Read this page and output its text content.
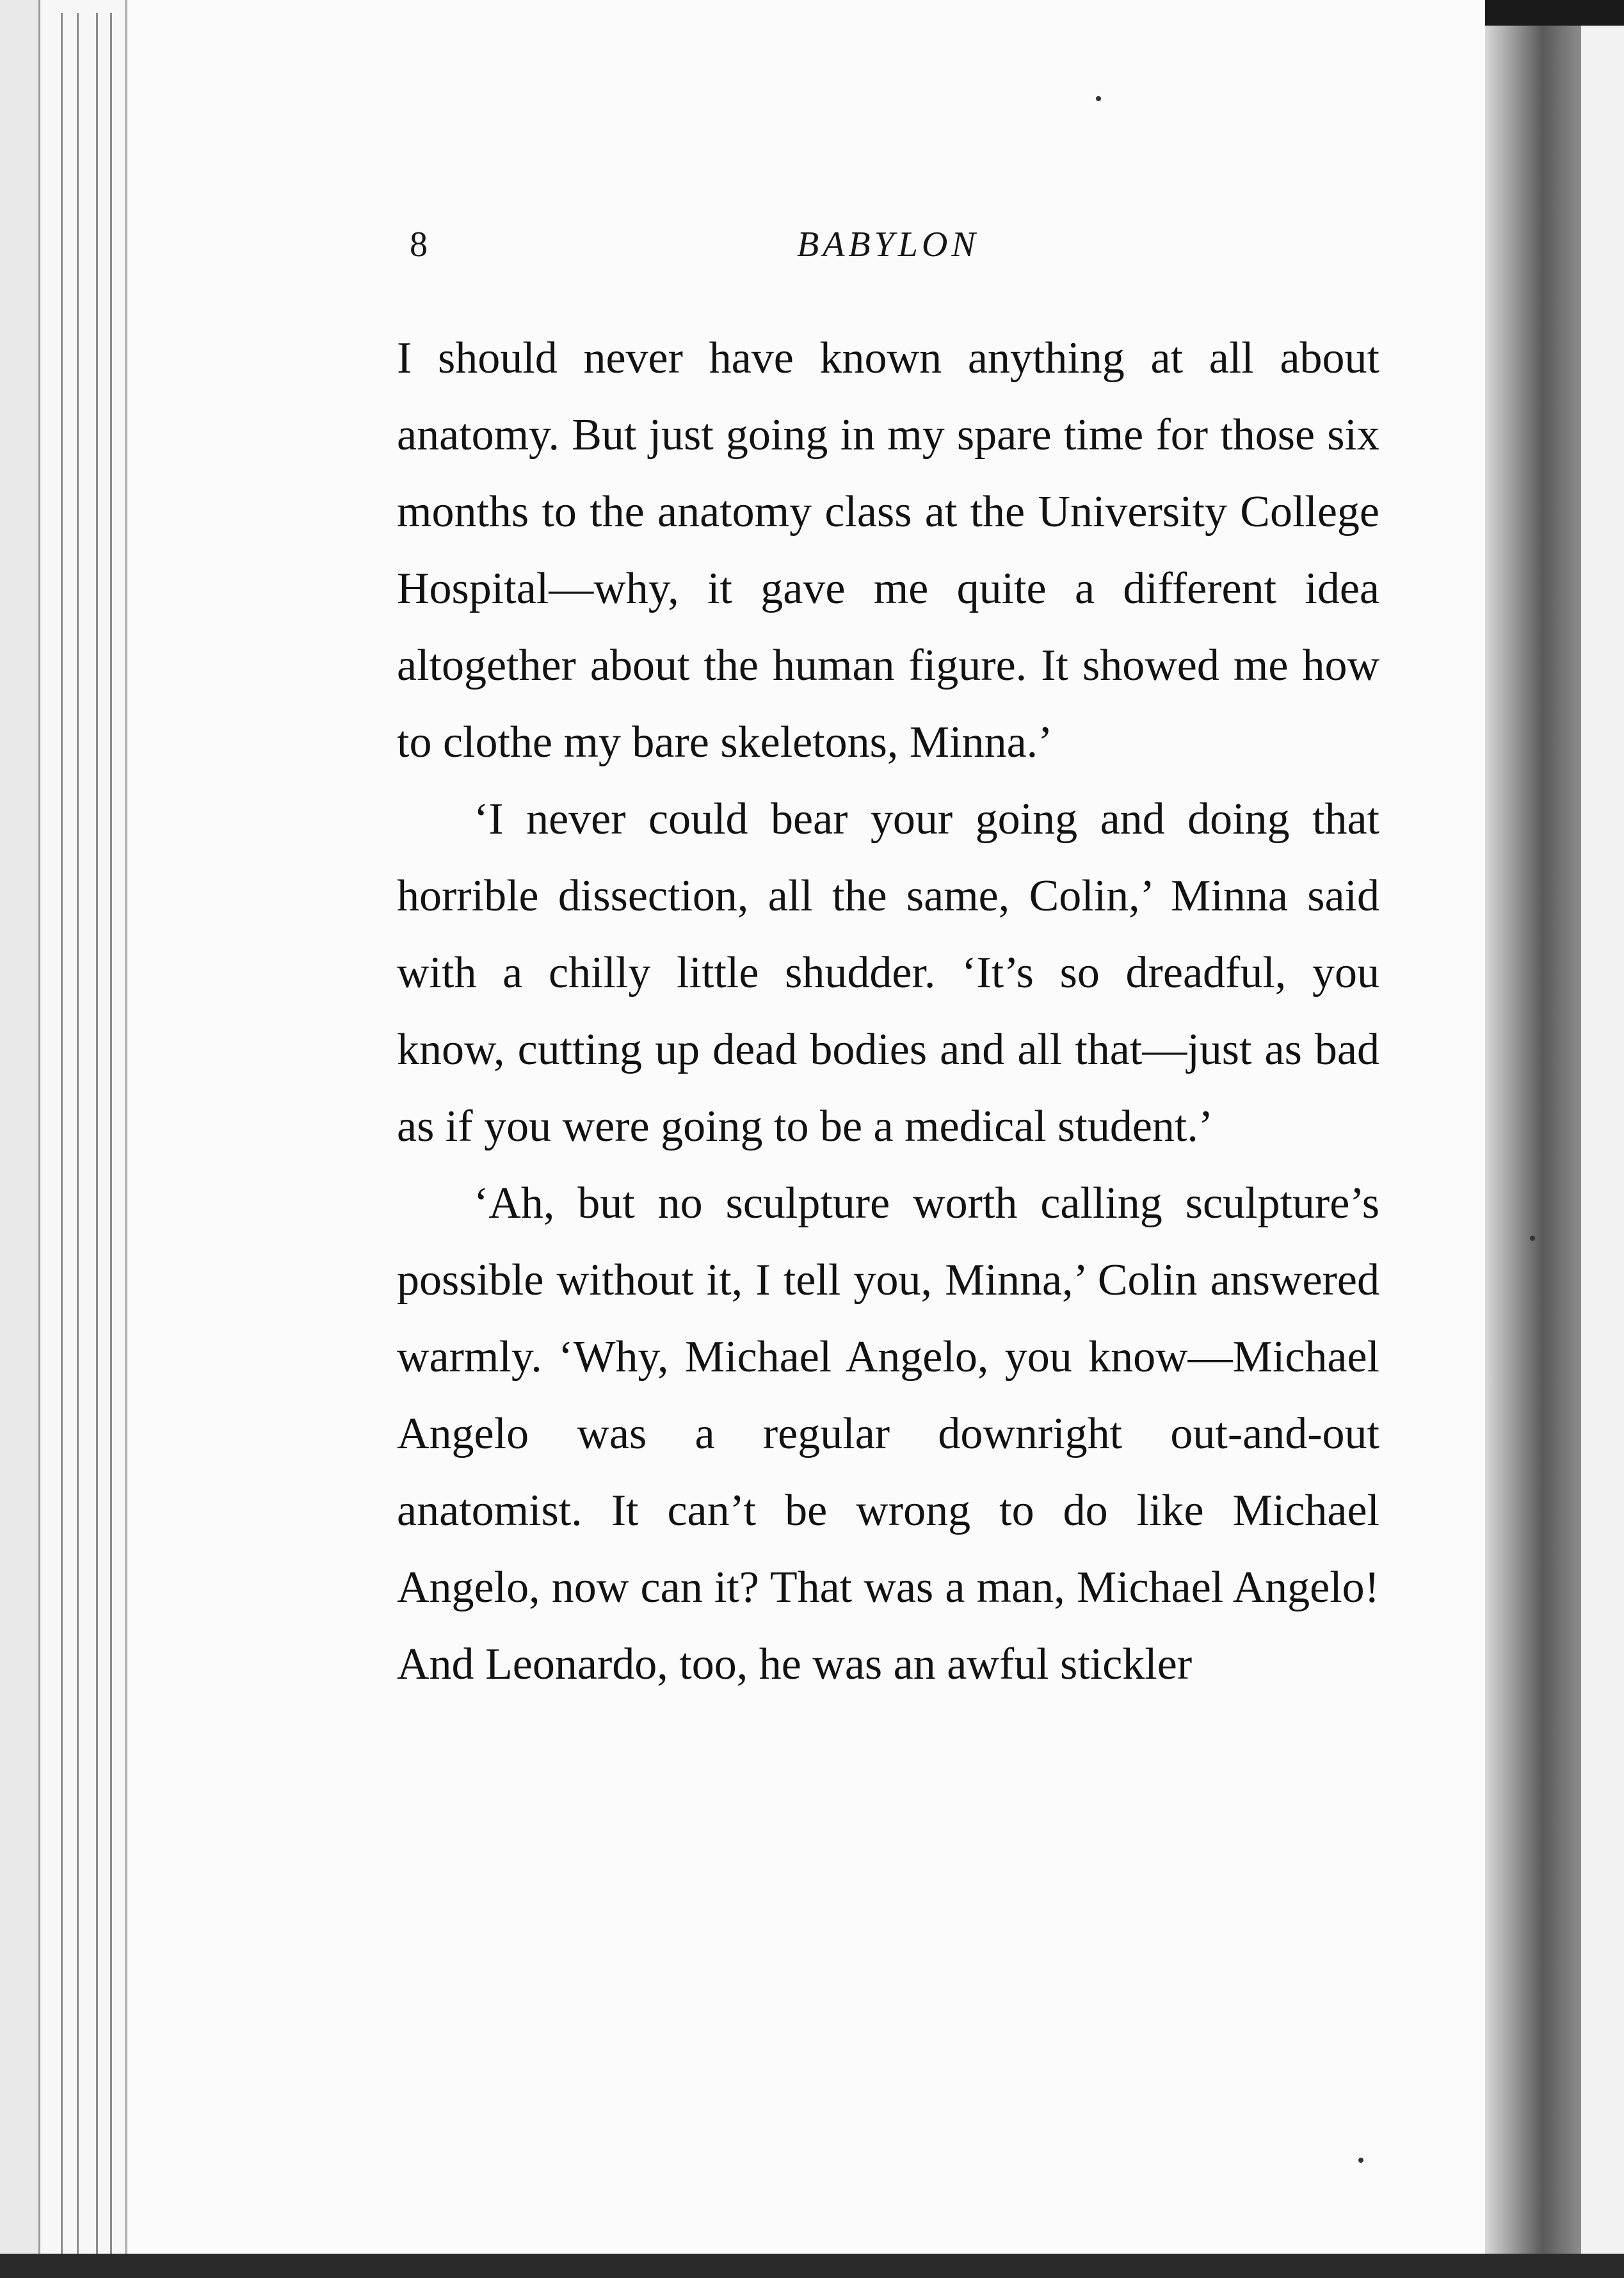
8	BABYLON

I should never have known anything at all about anatomy. But just going in my spare time for those six months to the anatomy class at the University College Hospital—why, it gave me quite a different idea altogether about the human figure. It showed me how to clothe my bare skeletons, Minna.’

‘I never could bear your going and doing that horrible dissection, all the same, Colin,’ Minna said with a chilly little shudder. ‘It’s so dreadful, you know, cutting up dead bodies and all that—just as bad as if you were going to be a medical student.’

‘Ah, but no sculpture worth calling sculpture’s possible without it, I tell you, Minna,’ Colin answered warmly. ‘Why, Michael Angelo, you know—Michael Angelo was a regular downright out-and-out anatomist. It can’t be wrong to do like Michael Angelo, now can it? That was a man, Michael Angelo! And Leonardo, too, he was an awful stickler
